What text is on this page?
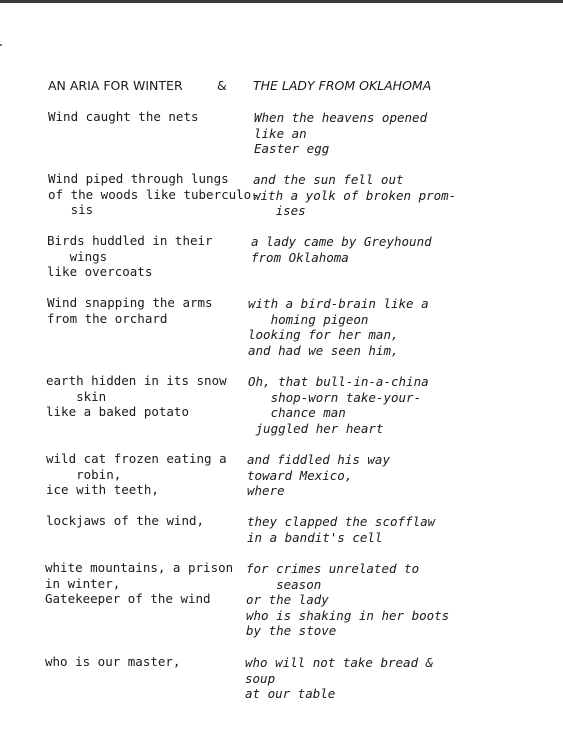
AN ARIA FOR WINTER	& THE LADY FROM OKLAHOMA
Wind caught the nets
Wind piped through lungs
of the woods like tuberculo-
sis
Birds huddled in their
wings
like overcoats
Wind snapping the arms
from the orchard
earth hidden in its snow
skin
like a baked potato
wild cat frozen eating a
robin,
ice with teeth,
lockjaws of the wind,
white mountains, a prison
in winter,
Gatekeeper of the wind
who is our master,
When the heavens opened
like an
Easter egg
and the sun fell out
with a yolk of broken prom-
ises
a lady came by Greyhound
from Oklahoma
with a bird-brain like a
homing pigeon
looking for her man,
and had we seen him,
Oh, that bull-in-a-china
shop-worn take-your-
chance man
juggled her heart
and fiddled his way
toward Mexico,
where
they clapped the scofflaw
in a bandit's cell
for crimes unrelated to
season
or the lady
who is shaking in her boots
by the stove
who will not take bread &
soup
at our table
